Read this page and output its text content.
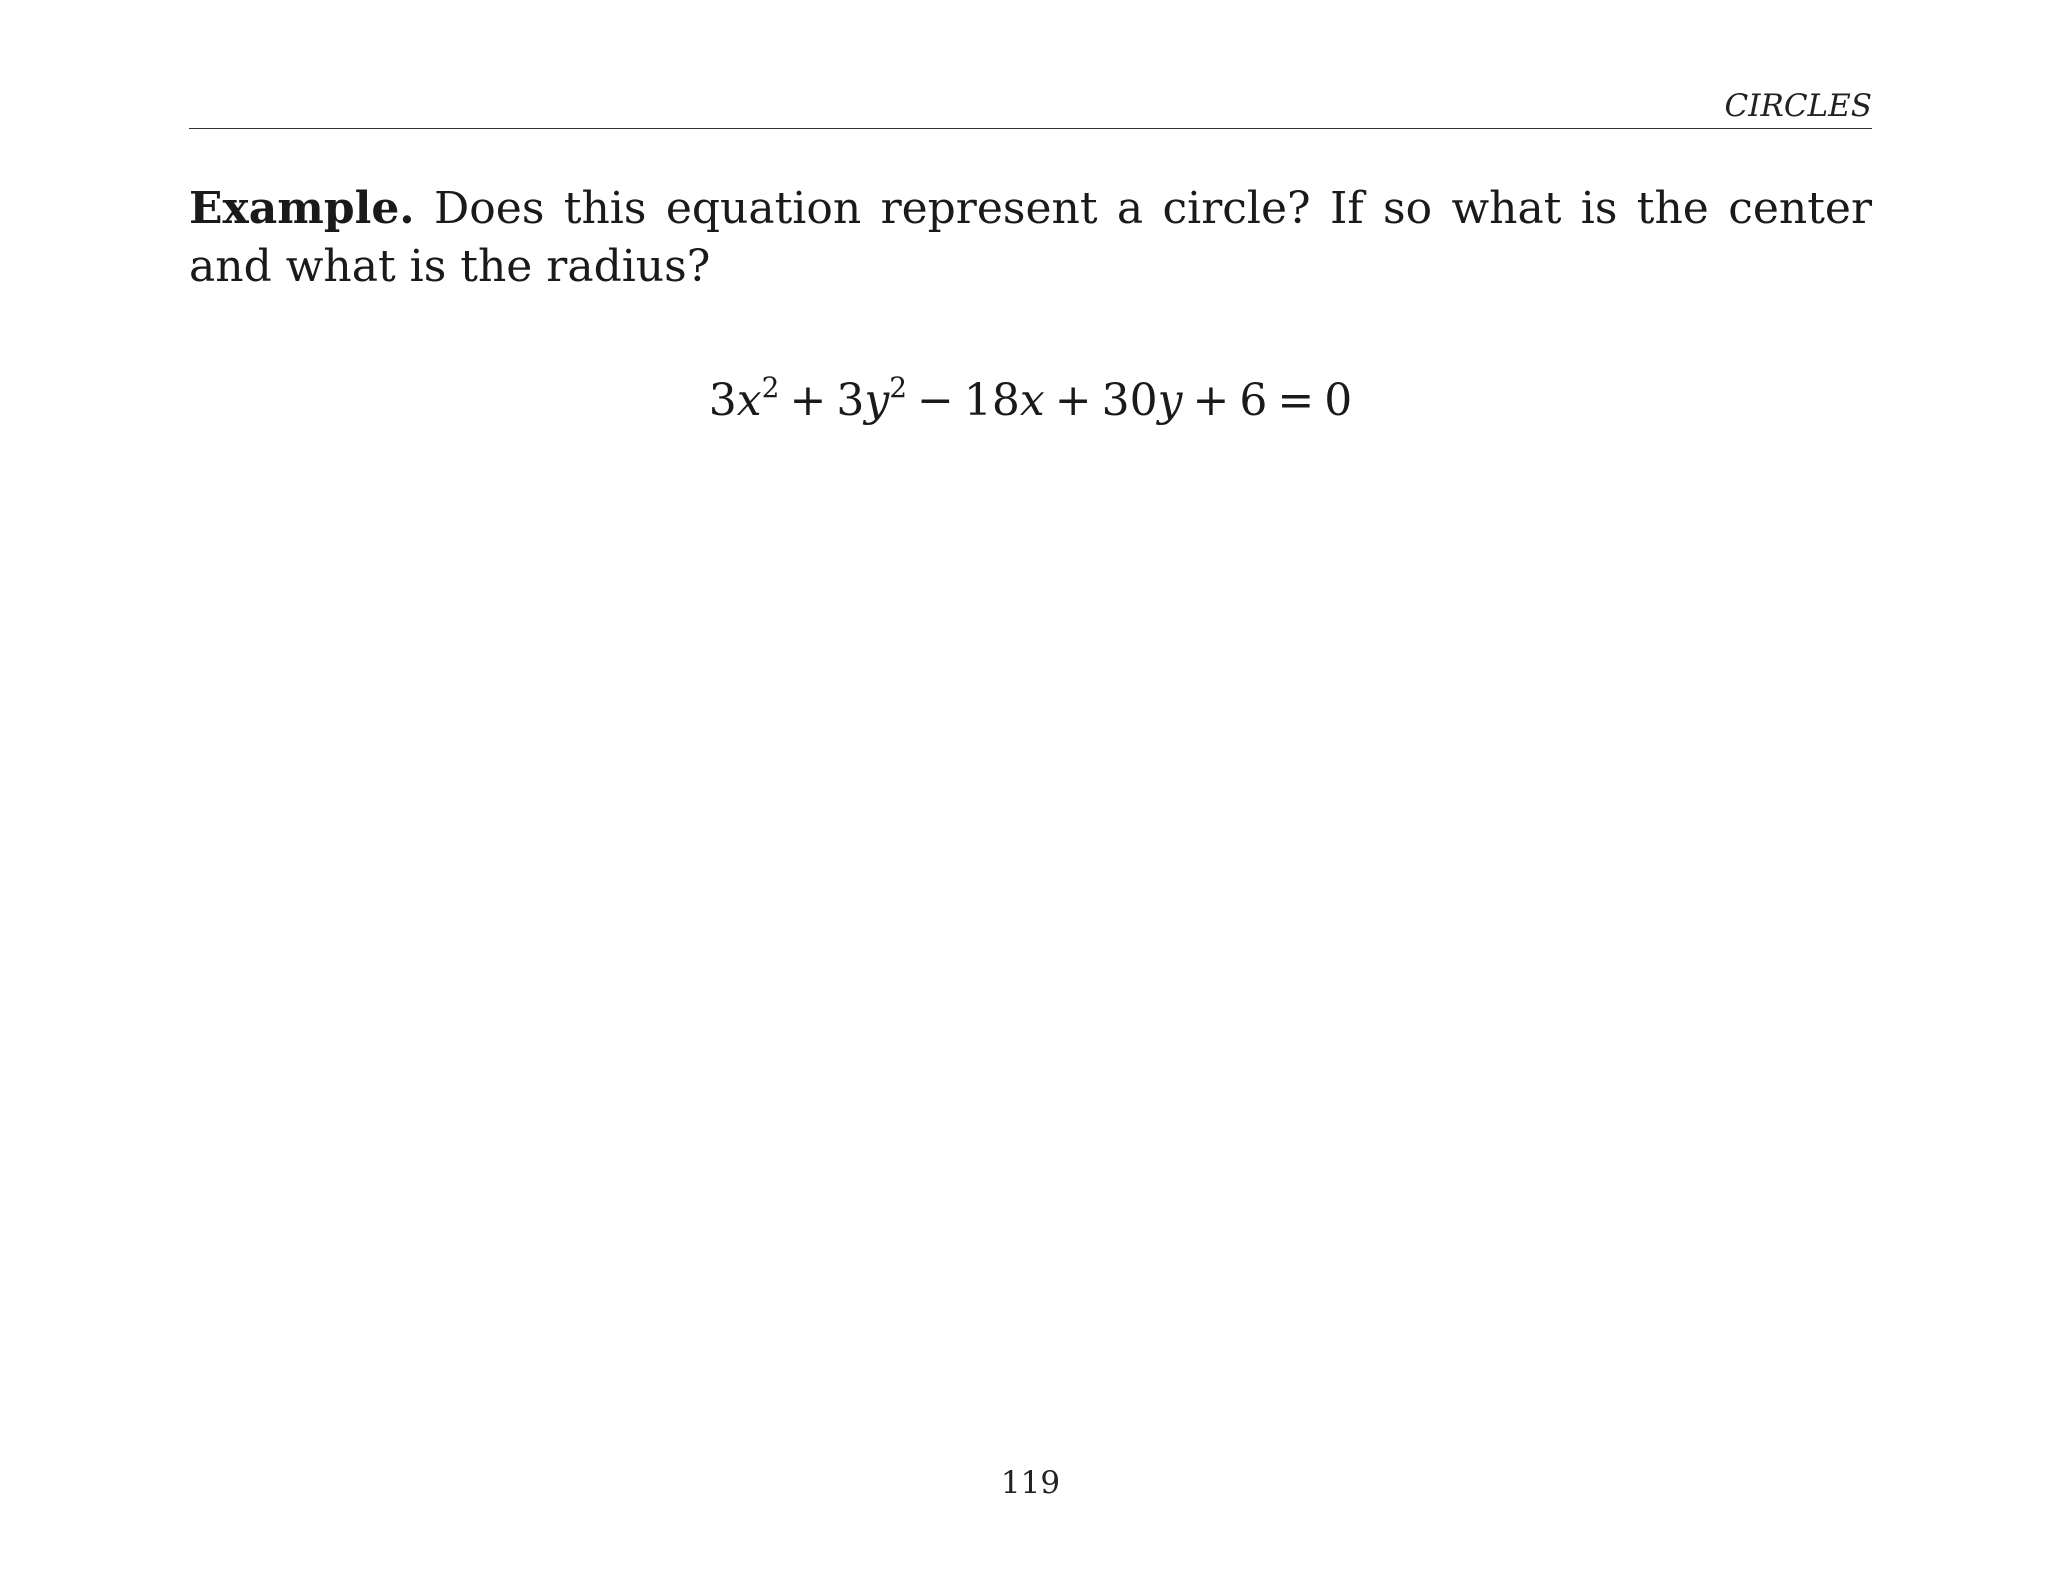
CIRCLES
Example. Does this equation represent a circle? If so what is the center and what is the radius?
$3x^2 + 3y^2 - 18x + 30y + 6 = 0$
119
